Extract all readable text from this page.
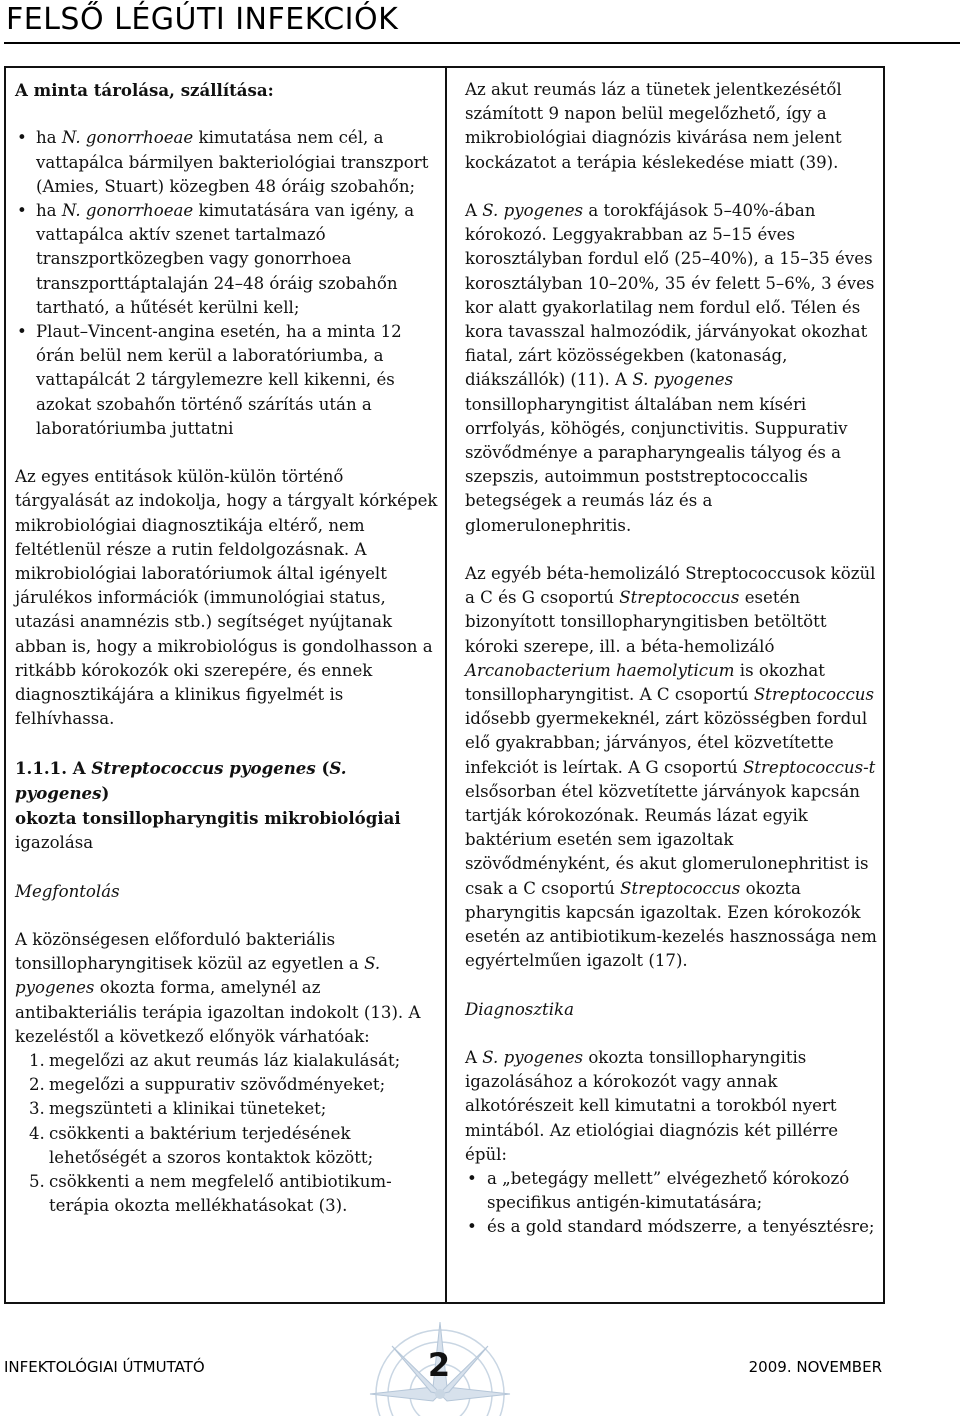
FELSŐ LÉGÚTI INFEKCIÓK

A minta tárolása, szállítása:

• ha N. gonorrhoeae kimutatása nem cél, a vattapálca bármilyen bakteriológiai transzport (Amies, Stuart) közegben 48 óráig szobahőn;
• ha N. gonorrhoeae kimutatására van igény, a vattapálca aktív szenet tartalmazó transzportközegben vagy gonorrhoea transzporttáptalaján 24–48 óráig szobahőn tartható, a hűtését kerülni kell;
• Plaut–Vincent-angina esetén, ha a minta 12 órán belül nem kerül a laboratóriumba, a vattapálcát 2 tárgylemezre kell kikenni, és azokat szobahőn történő szárítás után a laboratóriumba juttatni

Az egyes entitások külön-külön történő tárgyalását az indokolja, hogy a tárgyalt kórképek mikrobiológiai diagnosztikája eltérő, nem feltétlenül része a rutin feldolgozásnak. A mikrobiológiai laboratóriumok által igényelt járulékos információk (immunológiai status, utazási anamnézis stb.) segítséget nyújtanak abban is, hogy a mikrobiológus is gondolhasson a ritkább kórokozók oki szerepére, és ennek diagnosztikájára a klinikus figyelmét is felhívhassa.

1.1.1. A Streptococcus pyogenes (S. pyogenes)
okozta tonsillopharyngitis mikrobiológiai
igazolása

Megfontolás

A közönségesen előforduló bakteriális tonsillopharyngitisek közül az egyetlen a S. pyogenes okozta forma, amelynél az antibakteriális terápia igazoltan indokolt (13). A kezeléstől a következő előnyök várhatóak:

1. megelőzi az akut reumás láz kialakulását;
2. megelőzi a suppurativ szövődményeket;
3. megszünteti a klinikai tüneteket;
4. csökkenti a baktérium terjedésének lehetőségét a szoros kontaktok között;
5. csökkenti a nem megfelelő antibiotikum-terápia okozta mellékhatásokat (3).

Az akut reumás láz a tünetek jelentkezésétől számított 9 napon belül megelőzhető, így a mikrobiológiai diagnózis kivárása nem jelent kockázatot a terápia késlekedése miatt (39).

A S. pyogenes a torokfájások 5–40%-ában kórokozó. Leggyakrabban az 5–15 éves korosztályban fordul elő (25–40%), a 15–35 éves korosztályban 10–20%, 35 év felett 5–6%, 3 éves kor alatt gyakorlatilag nem fordul elő. Télen és kora tavasszal halmozódik, járványokat okozhat fiatal, zárt közösségekben (katonaság, diákszállók) (11). A S. pyogenes tonsillopharyngitist általában nem kíséri orrfolyás, köhögés, conjunctivitis. Suppurativ szövődménye a parapharyngealis tályog és a szepszis, autoimmun poststreptococcalis betegségek a reumás láz és a glomerulonephritis.

Az egyéb béta-hemolizáló Streptococcusok közül a C és G csoportú Streptococcus esetén bizonyított tonsillopharyngitisben betöltött kóroki szerepe, ill. a béta-hemolizáló Arcanobacterium haemolyticum is okozhat tonsillopharyngitist. A C csoportú Streptococcus idősebb gyermekeknél, zárt közösségben fordul elő gyakrabban; járványos, étel közvetítette infekciót is leírtak. A G csoportú Streptococcus-t elsősorban étel közvetítette járványok kapcsán tartják kórokozónak. Reumás lázat egyik baktérium esetén sem igazoltak szövődményként, és akut glomerulonephritist is csak a C csoportú Streptococcus okozta pharyngitis kapcsán igazoltak. Ezen kórokozók esetén az antibiotikum-kezelés hasznossága nem egyértelműen igazolt (17).

Diagnosztika

A S. pyogenes okozta tonsillopharyngitis igazolásához a kórokozót vagy annak alkotórészeit kell kimutatni a torokból nyert mintából. Az etiológiai diagnózis két pillérre épül:

• a „betegágy mellett” elvégezhető kórokozó specifikus antigén-kimutatására;
• és a gold standard módszerre, a tenyésztésre;
INFEKTOLÓGIAI ÚTMUTATÓ	2	2009. NOVEMBER
